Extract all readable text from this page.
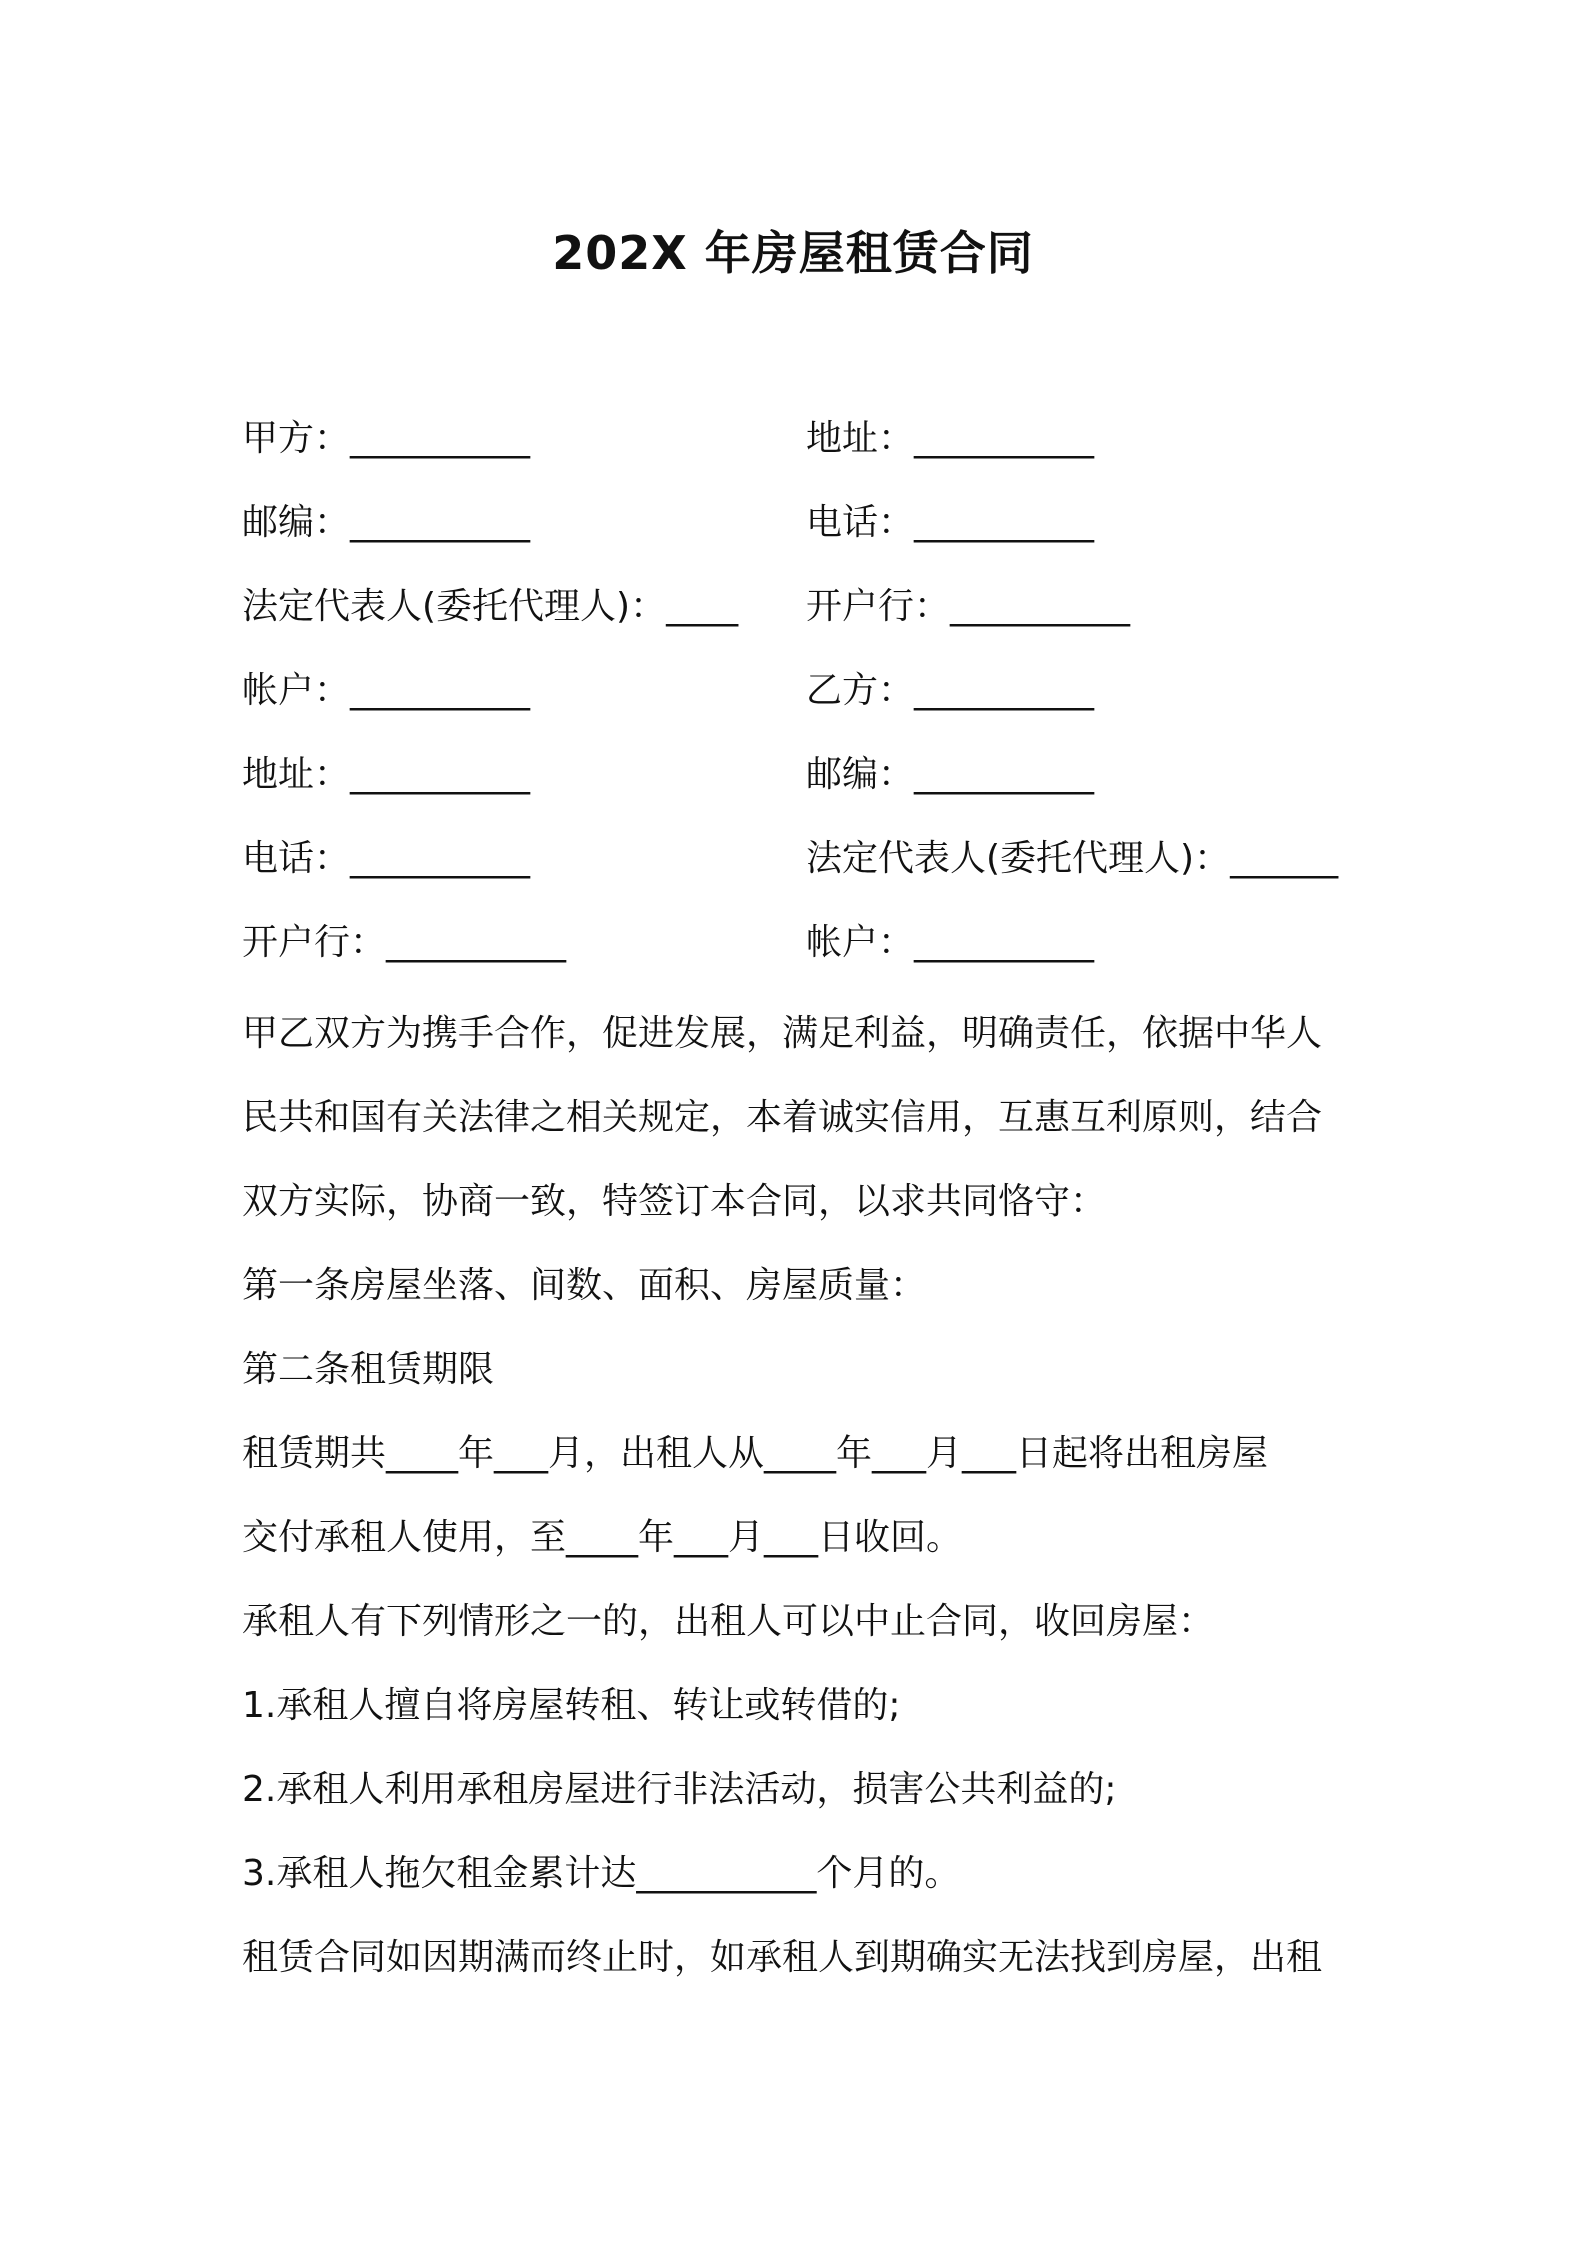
202X 年房屋租赁合同
甲方：__________	地址：__________
邮编：__________	电话：__________
法定代表人(委托代理人)：____ 开户行：__________
帐户：__________	乙方：__________
地址：__________	邮编：__________
电话：__________	法定代表人(委托代理人)：______
开户行：__________	帐户：__________

甲乙双方为携手合作，促进发展，满足利益，明确责任，依据中华人

民共和国有关法律之相关规定，本着诚实信用，互惠互利原则，结合

双方实际，协商一致，特签订本合同，以求共同恪守：

第一条房屋坐落、间数、面积、房屋质量：

第二条租赁期限

租赁期共____年___月，出租人从____年___月___日起将出租房屋

交付承租人使用，至____年___月___日收回。

承租人有下列情形之一的，出租人可以中止合同，收回房屋：

1.承租人擅自将房屋转租、转让或转借的;

2.承租人利用承租房屋进行非法活动，损害公共利益的;

3.承租人拖欠租金累计达__________个月的。

租赁合同如因期满而终止时，如承租人到期确实无法找到房屋，出租
